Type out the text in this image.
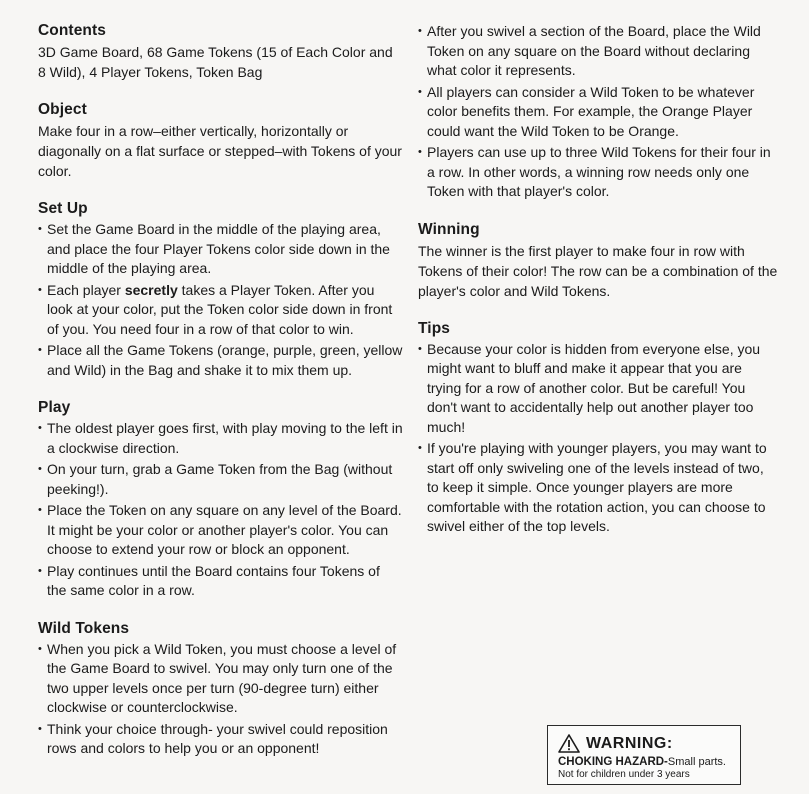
Contents

3D Game Board, 68 Game Tokens (15 of Each Color and 8 Wild), 4 Player Tokens, Token Bag

Object

Make four in a row–either vertically, horizontally or diagonally on a flat surface or stepped–with Tokens of your color.

Set Up
• Set the Game Board in the middle of the playing area, and place the four Player Tokens color side down in the middle of the playing area.
• Each player secretly takes a Player Token. After you look at your color, put the Token color side down in front of you. You need four in a row of that color to win.
• Place all the Game Tokens (orange, purple, green, yellow and Wild) in the Bag and shake it to mix them up.
Play
• The oldest player goes first, with play moving to the left in a clockwise direction.
• On your turn, grab a Game Token from the Bag (without peeking!).
• Place the Token on any square on any level of the Board. It might be your color or another player's color. You can choose to extend your row or block an opponent.
• Play continues until the Board contains four Tokens of the same color in a row.
Wild Tokens
• When you pick a Wild Token, you must choose a level of the Game Board to swivel. You may only turn one of the two upper levels once per turn (90-degree turn) either clockwise or counterclockwise.
• Think your choice through- your swivel could reposition rows and colors to help you or an opponent!
• After you swivel a section of the Board, place the Wild Token on any square on the Board without declaring what color it represents.
• All players can consider a Wild Token to be whatever color benefits them. For example, the Orange Player could want the Wild Token to be Orange.
• Players can use up to three Wild Tokens for their four in a row. In other words, a winning row needs only one Token with that player's color.
Winning

The winner is the first player to make four in row with Tokens of their color! The row can be a combination of the player's color and Wild Tokens.

Tips
• Because your color is hidden from everyone else, you might want to bluff and make it appear that you are trying for a row of another color. But be careful! You don't want to accidentally help out another player too much!
• If you're playing with younger players, you may want to start off only swiveling one of the levels instead of two, to keep it simple. Once younger players are more comfortable with the rotation action, you can choose to swivel either of the top levels.
WARNING:
CHOKING HAZARD-Small parts.
Not for children under 3 years
